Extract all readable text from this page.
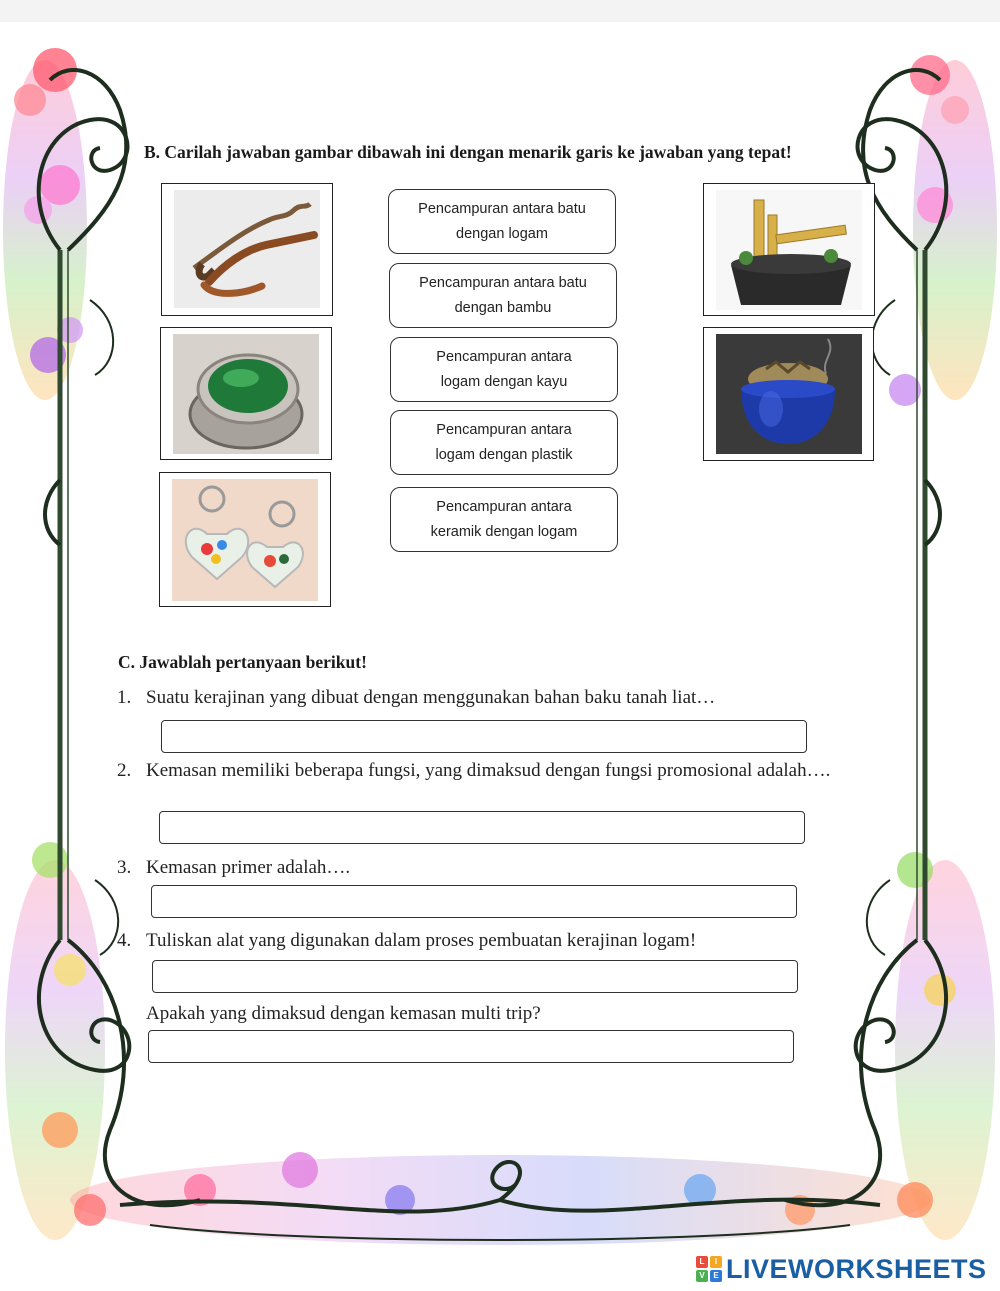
B. Carilah jawaban gambar dibawah ini dengan menarik garis ke jawaban yang tepat!
Pencampuran antara batu
dengan logam
Pencampuran antara batu
dengan bambu
Pencampuran antara
logam dengan kayu
Pencampuran antara
logam dengan plastik
Pencampuran antara
keramik dengan logam
C. Jawablah pertanyaan berikut!
1. Suatu kerajinan yang dibuat dengan menggunakan bahan baku tanah liat…
2. Kemasan memiliki beberapa fungsi, yang dimaksud dengan fungsi promosional adalah….
3. Kemasan primer adalah….
4. Tuliskan alat yang digunakan dalam proses pembuatan kerajinan logam!
Apakah yang dimaksud dengan kemasan multi trip?
L	I
V	E LIVEWORKSHEETS
